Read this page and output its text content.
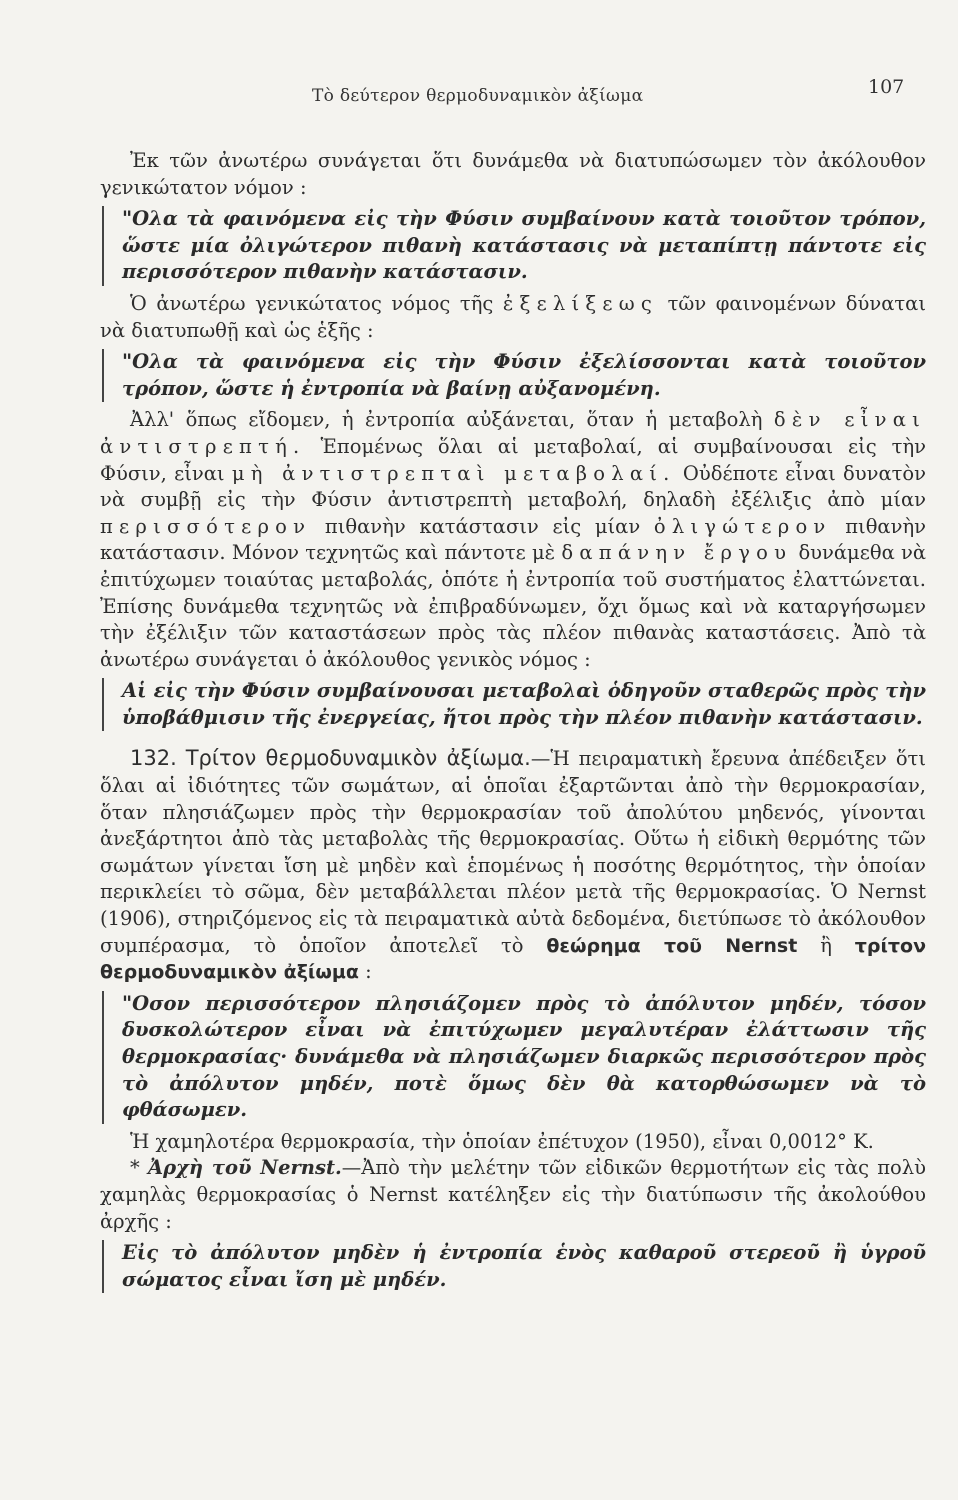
Τὸ δεύτερον θερμοδυναμικὸν ἀξίωμα	107

Ἐκ τῶν ἀνωτέρω συνάγεται ὅτι δυνάμεθα νὰ διατυπώσωμεν τὸν ἀκόλουθον γενικώτατον νόμον :

"Ολα τὰ φαινόμενα εἰς τὴν Φύσιν συμβαίνουν κατὰ τοιοῦτον τρόπον, ὥστε μία ὀλιγώτερον πιθανὴ κατάστασις νὰ μεταπίπτῃ πάντοτε εἰς περισσότερον πιθανὴν κατάστασιν.

Ὁ ἀνωτέρω γενικώτατος νόμος τῆς ἐξελίξεως τῶν φαινομένων δύναται νὰ διατυπωθῇ καὶ ὡς ἑξῆς :

"Ολα τὰ φαινόμενα εἰς τὴν Φύσιν ἐξελίσσονται κατὰ τοιοῦτον τρόπον, ὥστε ἡ ἐντροπία νὰ βαίνῃ αὐξανομένη.

Ἀλλ' ὅπως εἴδομεν, ἡ ἐντροπία αὐξάνεται, ὅταν ἡ μεταβολὴ δὲν εἶναι ἀντιστρεπτή. Ἑπομένως ὅλαι αἱ μεταβολαί, αἱ συμβαίνουσαι εἰς τὴν Φύσιν, εἶναι μὴ ἀντιστρεπταὶ μεταβολαί. Οὐδέποτε εἶναι δυνατὸν νὰ συμβῇ εἰς τὴν Φύσιν ἀντιστρεπτὴ μεταβολή, δηλαδὴ ἐξέλιξις ἀπὸ μίαν περισσότερον πιθανὴν κατάστασιν εἰς μίαν ὀλιγώτερον πιθανὴν κατάστασιν. Μόνον τεχνητῶς καὶ πάντοτε μὲ δαπάνην ἔργου δυνάμεθα νὰ ἐπιτύχωμεν τοιαύτας μεταβολάς, ὁπότε ἡ ἐντροπία τοῦ συστήματος ἐλαττώνεται. Ἐπίσης δυνάμεθα τεχνητῶς νὰ ἐπιβραδύνωμεν, ὄχι ὅμως καὶ νὰ καταργήσωμεν τὴν ἐξέλιξιν τῶν καταστάσεων πρὸς τὰς πλέον πιθανὰς καταστάσεις. Ἀπὸ τὰ ἀνωτέρω συνάγεται ὁ ἀκόλουθος γενικὸς νόμος :

Αἱ εἰς τὴν Φύσιν συμβαίνουσαι μεταβολαὶ ὁδηγοῦν σταθερῶς πρὸς τὴν ὑποβάθμισιν τῆς ἐνεργείας, ἤτοι πρὸς τὴν πλέον πιθανὴν κατάστασιν.

132. Τρίτον θερμοδυναμικὸν ἀξίωμα.—Ἡ πειραματικὴ ἔρευνα ἀπέδειξεν ὅτι ὅλαι αἱ ἰδιότητες τῶν σωμάτων, αἱ ὁποῖαι ἐξαρτῶνται ἀπὸ τὴν θερμοκρασίαν, ὅταν πλησιάζωμεν πρὸς τὴν θερμοκρασίαν τοῦ ἀπολύτου μηδενός, γίνονται ἀνεξάρτητοι ἀπὸ τὰς μεταβολὰς τῆς θερμοκρασίας. Οὕτω ἡ εἰδικὴ θερμότης τῶν σωμάτων γίνεται ἴση μὲ μηδὲν καὶ ἑπομένως ἡ ποσότης θερμότητος, τὴν ὁποίαν περικλείει τὸ σῶμα, δὲν μεταβάλλεται πλέον μετὰ τῆς θερμοκρασίας. Ὁ Nernst (1906), στηριζόμενος εἰς τὰ πειραματικὰ αὐτὰ δεδομένα, διετύπωσε τὸ ἀκόλουθον συμπέρασμα, τὸ ὁποῖον ἀποτελεῖ τὸ θεώρημα τοῦ Nernst ἢ τρίτον θερμοδυναμικὸν ἀξίωμα :

"Οσον περισσότερον πλησιάζομεν πρὸς τὸ ἀπόλυτον μηδέν, τόσον δυσκολώτερον εἶναι νὰ ἐπιτύχωμεν μεγαλυτέραν ἐλάττωσιν τῆς θερμοκρασίας· δυνάμεθα νὰ πλησιάζωμεν διαρκῶς περισσότερον πρὸς τὸ ἀπόλυτον μηδέν, ποτὲ ὅμως δὲν θὰ κατορθώσωμεν νὰ τὸ φθάσωμεν.

Ἡ χαμηλοτέρα θερμοκρασία, τὴν ὁποίαν ἐπέτυχον (1950), εἶναι 0,0012° K.

* Ἀρχὴ τοῦ Nernst.—Ἀπὸ τὴν μελέτην τῶν εἰδικῶν θερμοτήτων εἰς τὰς πολὺ χαμηλὰς θερμοκρασίας ὁ Nernst κατέληξεν εἰς τὴν διατύπωσιν τῆς ἀκολούθου ἀρχῆς :

Εἰς τὸ ἀπόλυτον μηδὲν ἡ ἐντροπία ἑνὸς καθαροῦ στερεοῦ ἢ ὑγροῦ σώματος εἶναι ἴση μὲ μηδέν.
